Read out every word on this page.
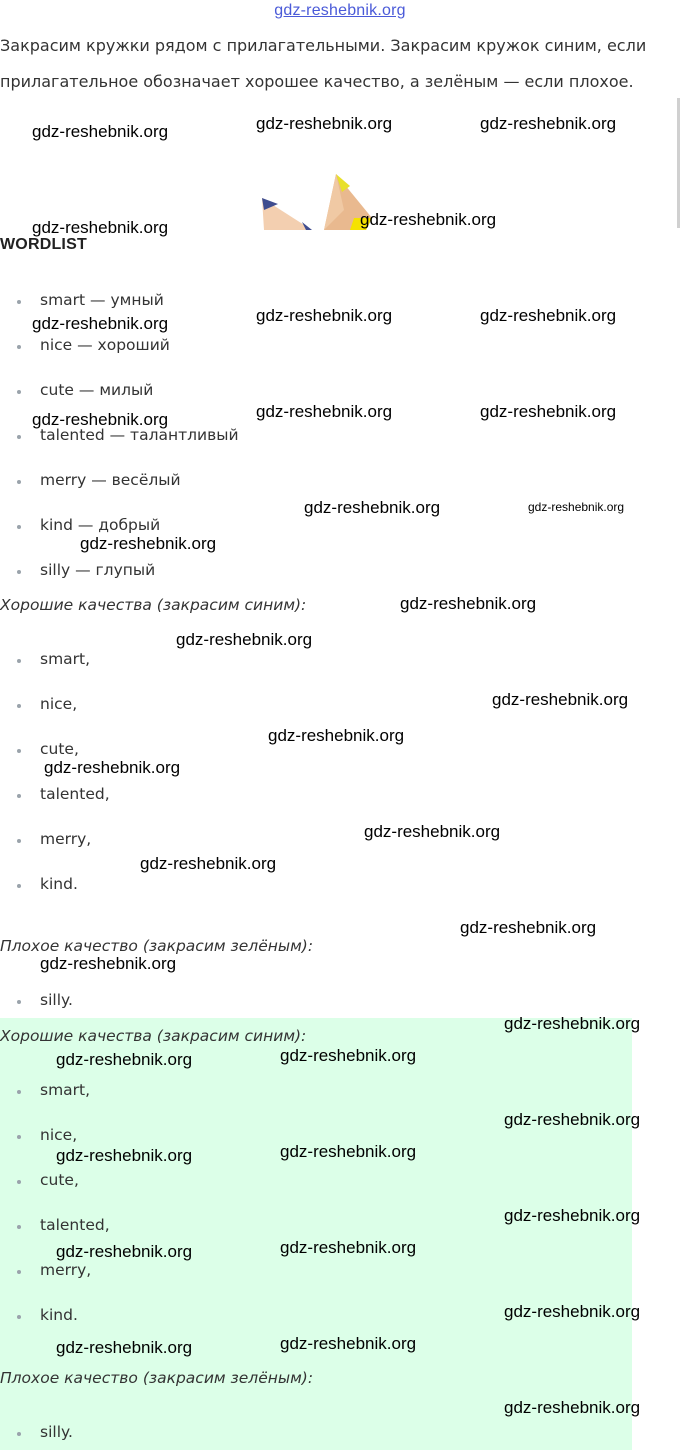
gdz-reshebnik.org
Закрасим кружки рядом с прилагательными. Закрасим кружок синим, если прилагательное обозначает хорошее качество, а зелёным — если плохое.
WORDLIST
smart — умный
nice — хороший
cute — милый
talented — талантливый
merry — весёлый
kind — добрый
silly — глупый
Хорошие качества (закрасим синим):
smart,
nice,
cute,
talented,
merry,
kind.
Плохое качество (закрасим зелёным):
silly.
Хорошие качества (закрасим синим):
smart,
nice,
cute,
talented,
merry,
kind.
Плохое качество (закрасим зелёным):
silly.
gdz-reshebnik.org	gdz-reshebnik.org	gdz-reshebnik.org
gdz-reshebnik.org	gdz-reshebnik.org
gdz-reshebnik.org	gdz-reshebnik.org	gdz-reshebnik.org
gdz-reshebnik.org	gdz-reshebnik.org	gdz-reshebnik.org
gdz-reshebnik.org	gdz-reshebnik.org
gdz-reshebnik.org
gdz-reshebnik.org
gdz-reshebnik.org
gdz-reshebnik.org
gdz-reshebnik.org
gdz-reshebnik.org
gdz-reshebnik.org
gdz-reshebnik.org
gdz-reshebnik.org
gdz-reshebnik.org
gdz-reshebnik.org
gdz-reshebnik.org	gdz-reshebnik.org
gdz-reshebnik.org
gdz-reshebnik.org	gdz-reshebnik.org
gdz-reshebnik.org
gdz-reshebnik.org	gdz-reshebnik.org
gdz-reshebnik.org
gdz-reshebnik.org	gdz-reshebnik.org
gdz-reshebnik.org
